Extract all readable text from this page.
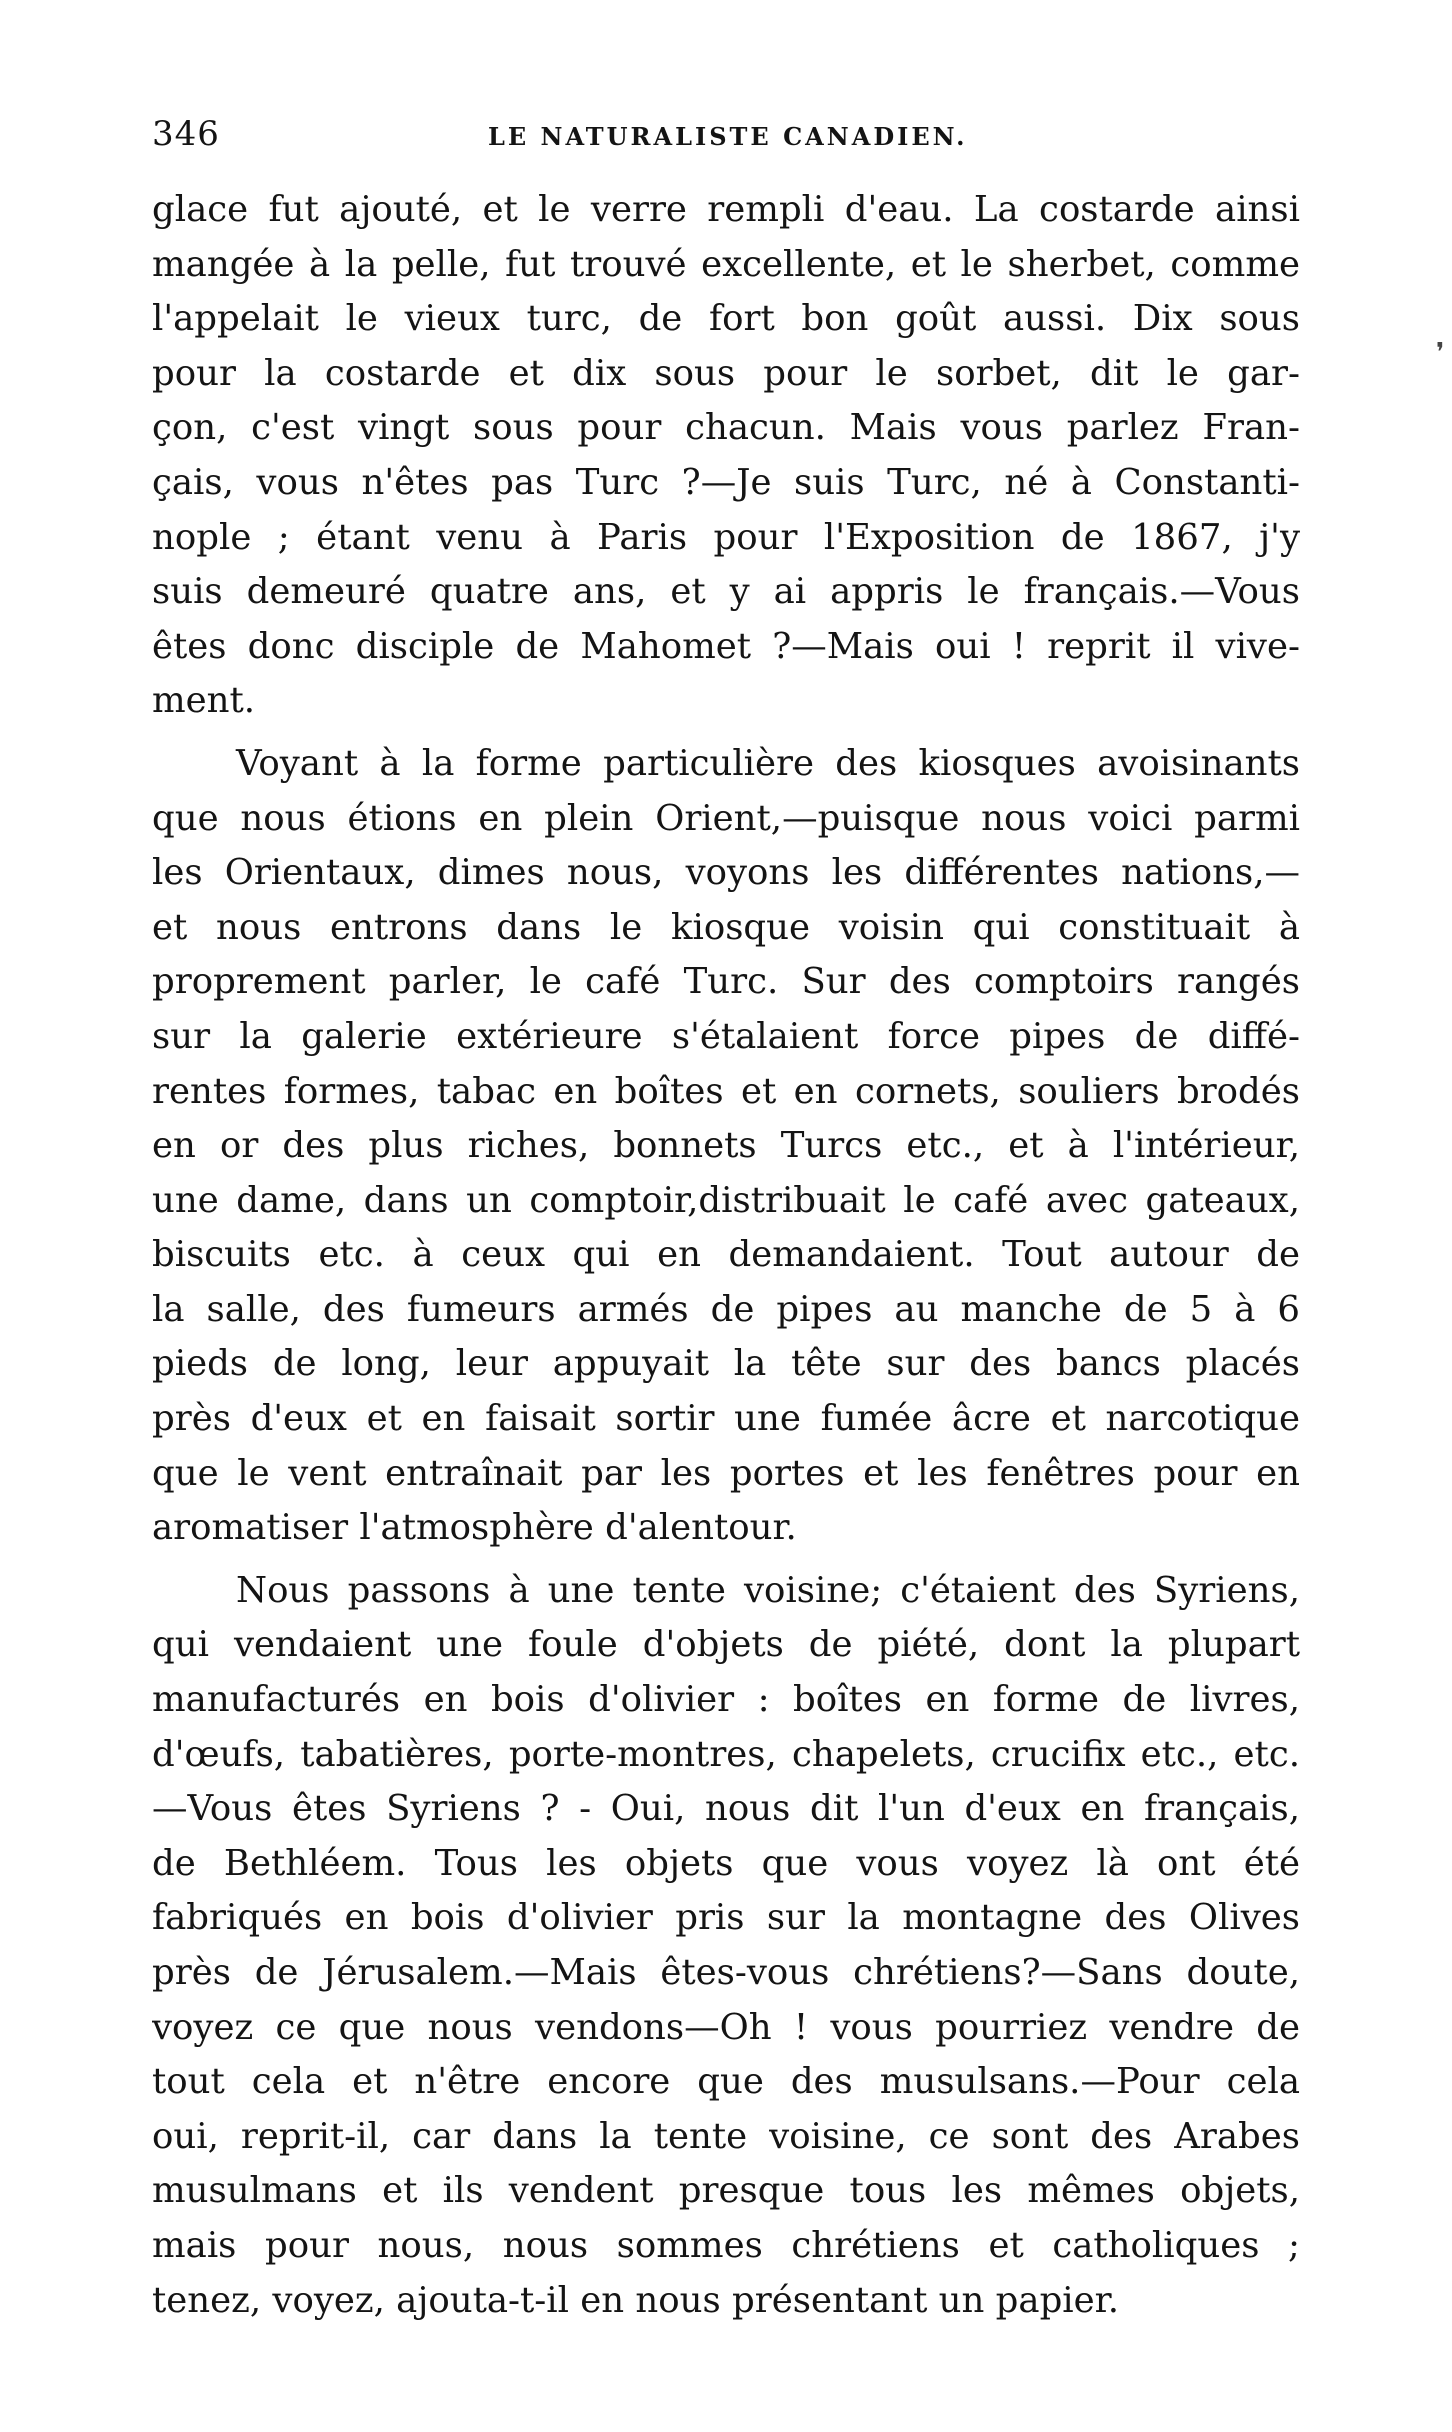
346	LE NATURALISTE CANADIEN.
❜
glace fut ajouté, et le verre rempli d'eau. La costarde ainsi
mangée à la pelle, fut trouvé excellente, et le sherbet, comme
l'appelait le vieux turc, de fort bon goût aussi. Dix sous
pour la costarde et dix sous pour le sorbet, dit le gar-
çon, c'est vingt sous pour chacun. Mais vous parlez Fran-
çais, vous n'êtes pas Turc ?—Je suis Turc, né à Constanti-
nople ; étant venu à Paris pour l'Exposition de 1867, j'y
suis demeuré quatre ans, et y ai appris le français.—Vous
êtes donc disciple de Mahomet ?—Mais oui ! reprit il vive-
ment.
Voyant à la forme particulière des kiosques avoisinants
que nous étions en plein Orient,—puisque nous voici parmi
les Orientaux, dimes nous, voyons les différentes nations,—
et nous entrons dans le kiosque voisin qui constituait à
proprement parler, le café Turc. Sur des comptoirs rangés
sur la galerie extérieure s'étalaient force pipes de diffé-
rentes formes, tabac en boîtes et en cornets, souliers brodés
en or des plus riches, bonnets Turcs etc., et à l'intérieur,
une dame, dans un comptoir,distribuait le café avec gateaux,
biscuits etc. à ceux qui en demandaient. Tout autour de
la salle, des fumeurs armés de pipes au manche de 5 à 6
pieds de long, leur appuyait la tête sur des bancs placés
près d'eux et en faisait sortir une fumée âcre et narcotique
que le vent entraînait par les portes et les fenêtres pour en
aromatiser l'atmosphère d'alentour.
Nous passons à une tente voisine; c'étaient des Syriens,
qui vendaient une foule d'objets de piété, dont la plupart
manufacturés en bois d'olivier : boîtes en forme de livres,
d'œufs, tabatières, porte-montres, chapelets, crucifix etc., etc.
—Vous êtes Syriens ? - Oui, nous dit l'un d'eux en français,
de Bethléem. Tous les objets que vous voyez là ont été
fabriqués en bois d'olivier pris sur la montagne des Olives
près de Jérusalem.—Mais êtes-vous chrétiens?—Sans doute,
voyez ce que nous vendons—Oh ! vous pourriez vendre de
tout cela et n'être encore que des musulsans.—Pour cela
oui, reprit-il, car dans la tente voisine, ce sont des Arabes
musulmans et ils vendent presque tous les mêmes objets,
mais pour nous, nous sommes chrétiens et catholiques ;
tenez, voyez, ajouta-t-il en nous présentant un papier.
